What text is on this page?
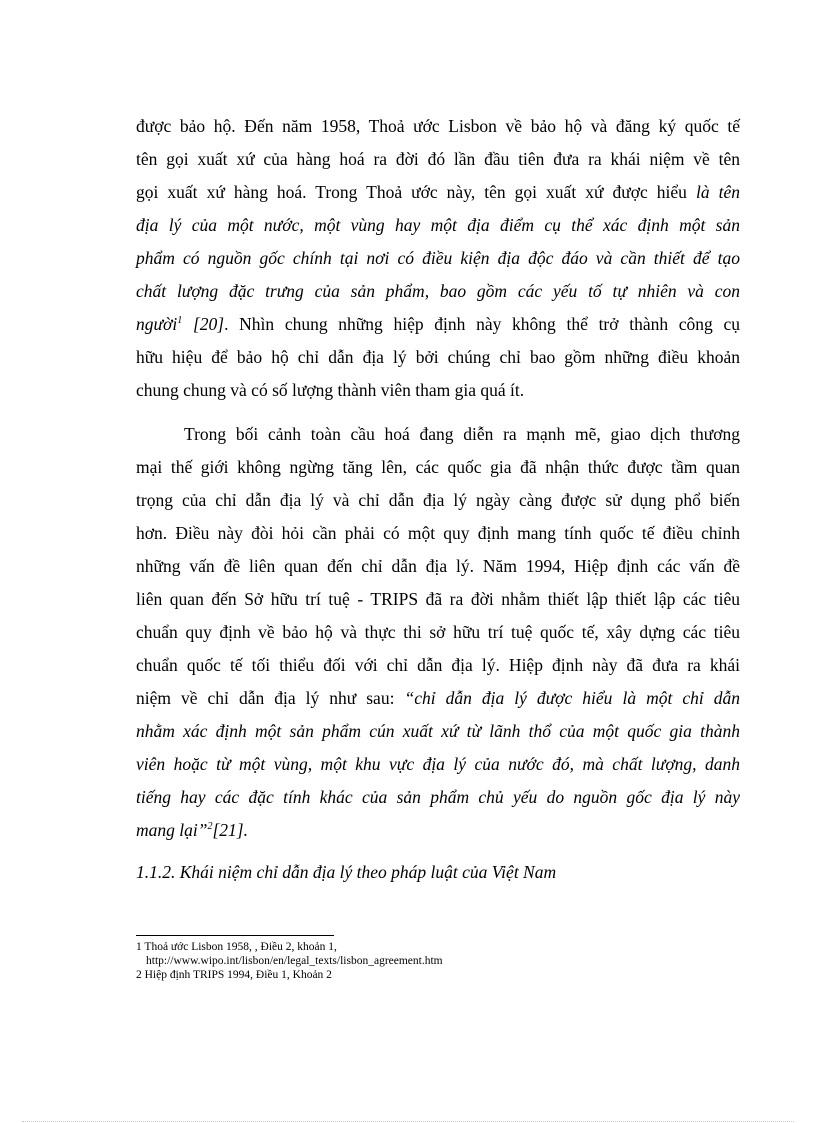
được bảo hộ. Đến năm 1958, Thoả ước Lisbon về bảo hộ và đăng ký quốc tế
tên gọi xuất xứ của hàng hoá ra đời đó lần đầu tiên đưa ra khái niệm về tên
gọi xuất xứ hàng hoá. Trong Thoả ước này, tên gọi xuất xứ được hiểu là tên
địa lý của một nước, một vùng hay một địa điểm cụ thể xác định một sản
phẩm có nguồn gốc chính tại nơi có điều kiện địa độc đáo và cần thiết để tạo
chất lượng đặc trưng của sản phẩm, bao gồm các yếu tố tự nhiên và con
người$^1$ [20]. Nhìn chung những hiệp định này không thể trở thành công cụ
hữu hiệu để bảo hộ chỉ dẫn địa lý bởi chúng chỉ bao gồm những điều khoản
chung chung và có số lượng thành viên tham gia quá ít.
Trong bối cảnh toàn cầu hoá đang diễn ra mạnh mẽ, giao dịch thương
mại thế giới không ngừng tăng lên, các quốc gia đã nhận thức được tầm quan
trọng của chỉ dẫn địa lý và chỉ dẫn địa lý ngày càng được sử dụng phổ biến
hơn. Điều này đòi hỏi cần phải có một quy định mang tính quốc tế điều chỉnh
những vấn đề liên quan đến chỉ dẫn địa lý. Năm 1994, Hiệp định các vấn đề
liên quan đến Sở hữu trí tuệ - TRIPS đã ra đời nhằm thiết lập thiết lập các tiêu
chuẩn quy định về bảo hộ và thực thi sở hữu trí tuệ quốc tế, xây dựng các tiêu
chuẩn quốc tế tối thiểu đối với chỉ dẫn địa lý. Hiệp định này đã đưa ra khái
niệm về chỉ dẫn địa lý như sau: “chỉ dẫn địa lý được hiểu là một chỉ dẫn
nhằm xác định một sản phẩm cún xuất xứ từ lãnh thổ của một quốc gia thành
viên hoặc từ một vùng, một khu vực địa lý của nước đó, mà chất lượng, danh
tiếng hay các đặc tính khác của sản phẩm chủ yếu do nguồn gốc địa lý này
mang lại”$^2$[21].
1.1.2. Khái niệm chỉ dẫn địa lý theo pháp luật của Việt Nam
1 Thoả ước Lisbon 1958, , Điều 2, khoản 1,
http://www.wipo.int/lisbon/en/legal_texts/lisbon_agreement.htm
2 Hiệp định TRIPS 1994, Điều 1, Khoản 2
